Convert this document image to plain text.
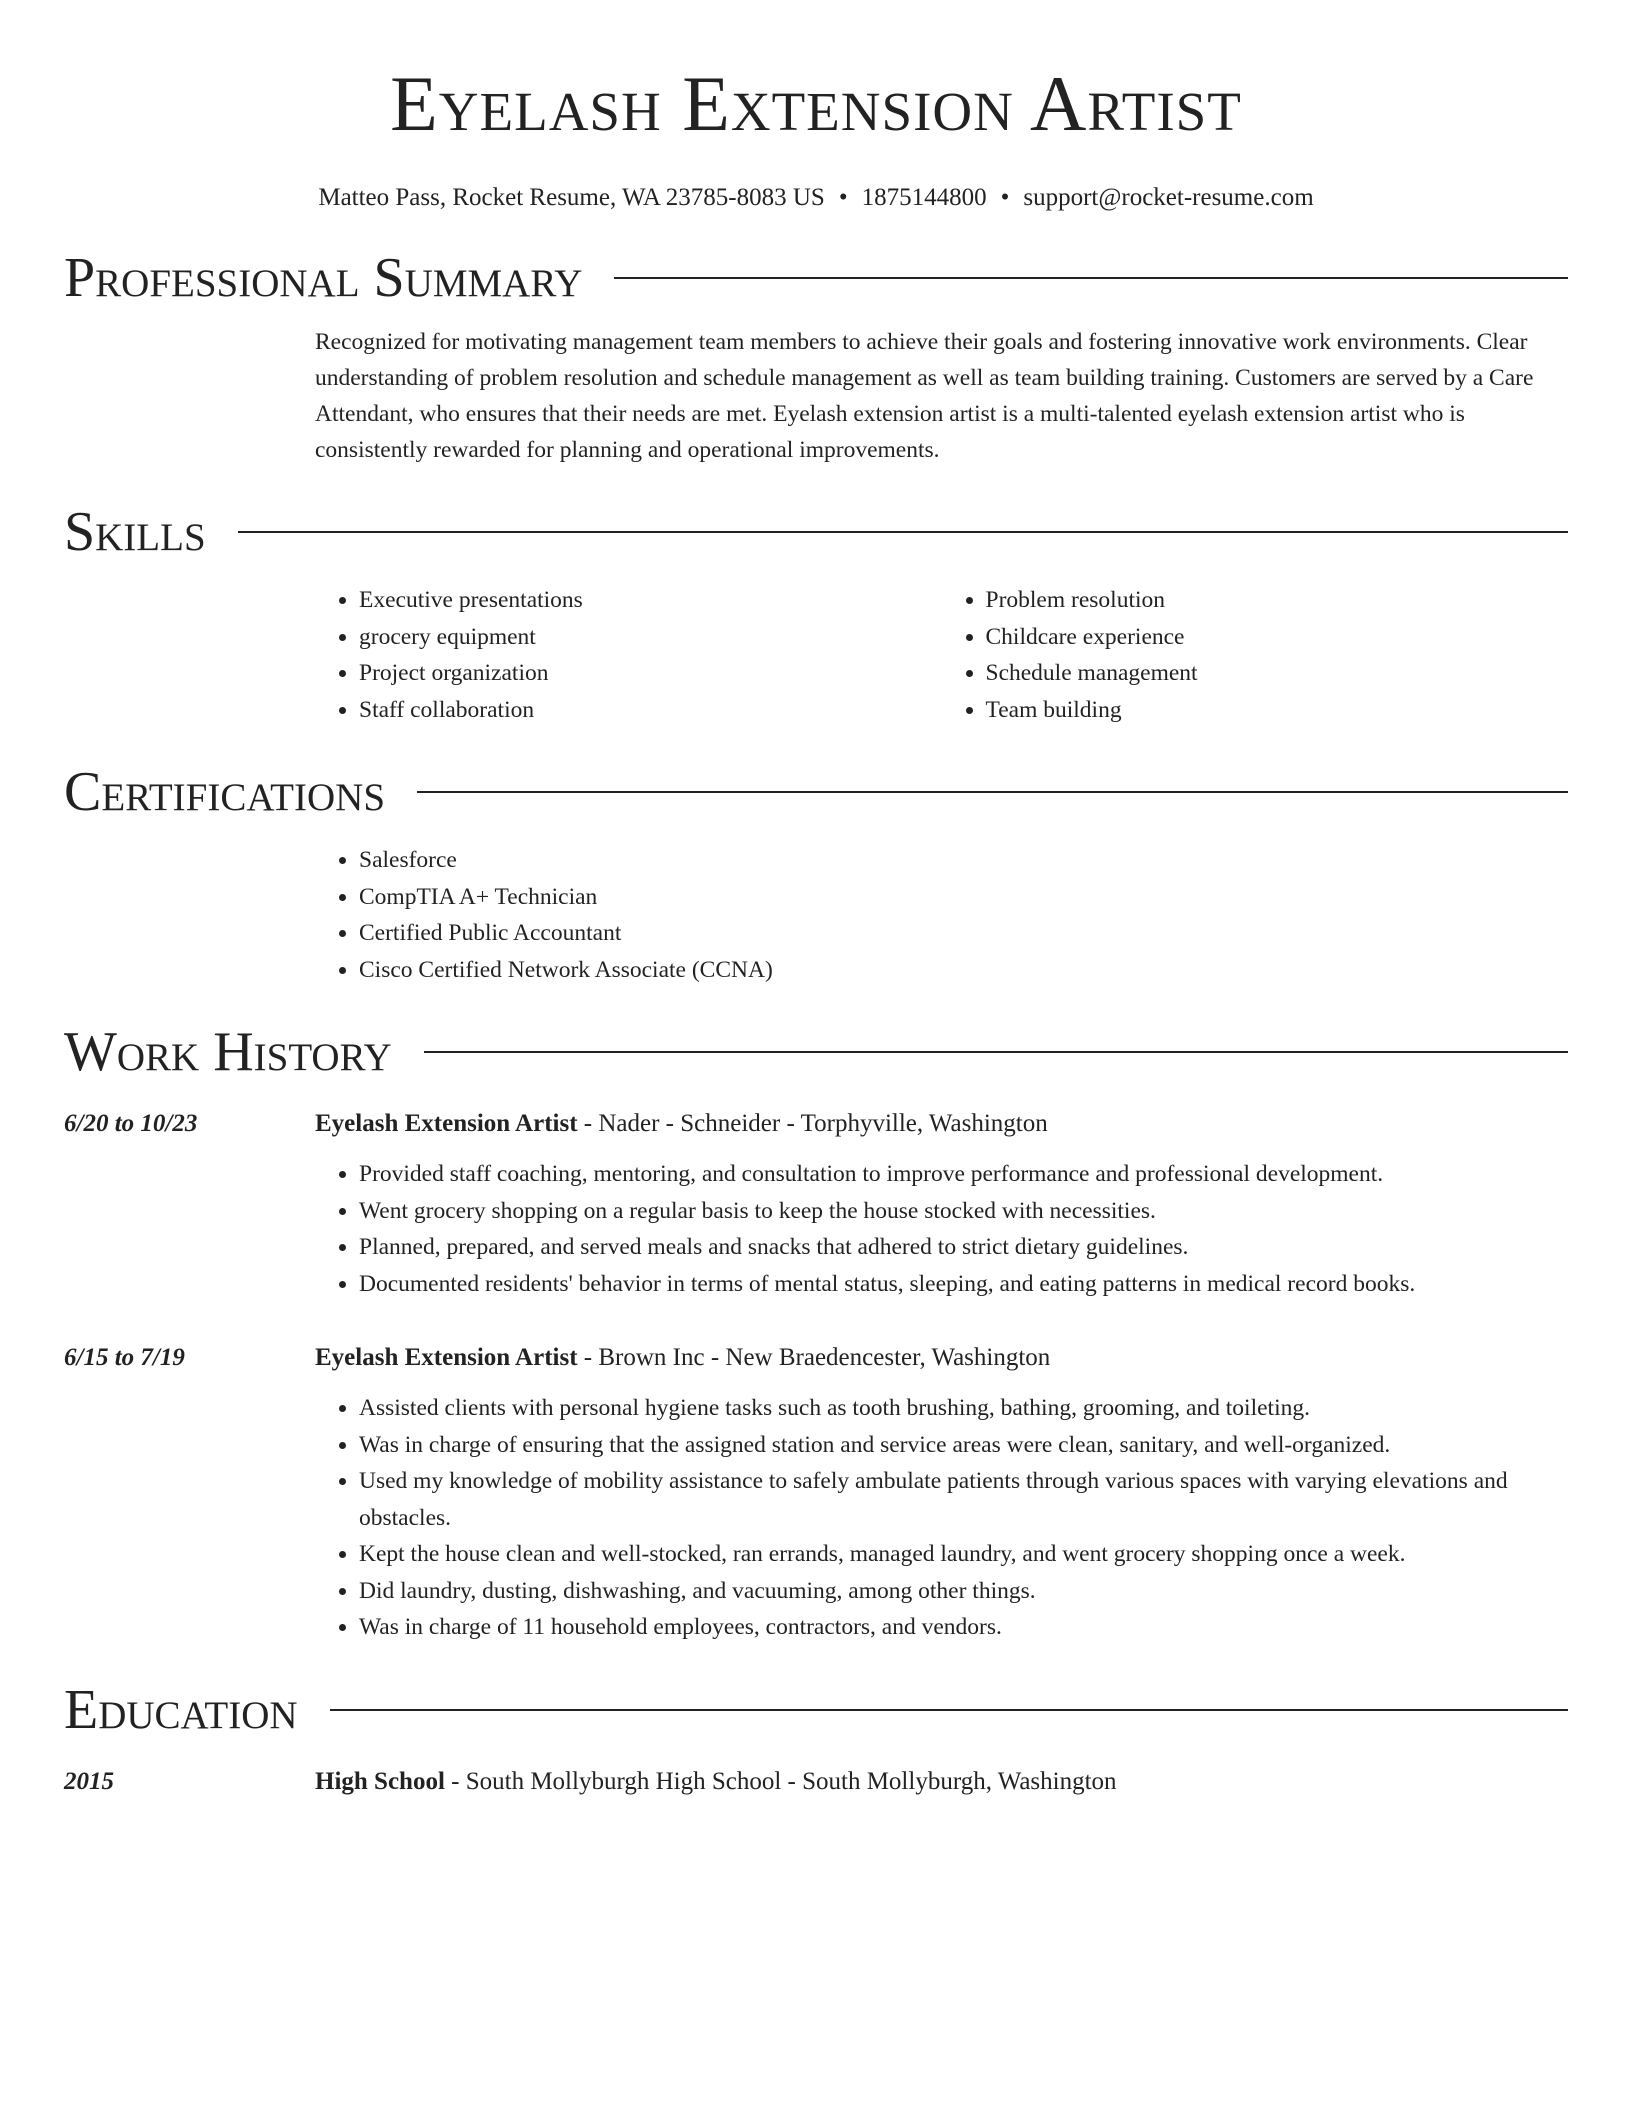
Eyelash Extension Artist
Matteo Pass, Rocket Resume, WA 23785-8083 US • 1875144800 • support@rocket-resume.com
Professional Summary
Recognized for motivating management team members to achieve their goals and fostering innovative work environments. Clear understanding of problem resolution and schedule management as well as team building training. Customers are served by a Care Attendant, who ensures that their needs are met. Eyelash extension artist is a multi-talented eyelash extension artist who is consistently rewarded for planning and operational improvements.
Skills
• Executive presentations
• grocery equipment
• Project organization
• Staff collaboration
• Problem resolution
• Childcare experience
• Schedule management
• Team building
Certifications
• Salesforce
• CompTIA A+ Technician
• Certified Public Accountant
• Cisco Certified Network Associate (CCNA)
Work History
6/20 to 10/23	Eyelash Extension Artist - Nader - Schneider - Torphyville, Washington
• Provided staff coaching, mentoring, and consultation to improve performance and professional development.
• Went grocery shopping on a regular basis to keep the house stocked with necessities.
• Planned, prepared, and served meals and snacks that adhered to strict dietary guidelines.
• Documented residents' behavior in terms of mental status, sleeping, and eating patterns in medical record books.
6/15 to 7/19	Eyelash Extension Artist - Brown Inc - New Braedencester, Washington
• Assisted clients with personal hygiene tasks such as tooth brushing, bathing, grooming, and toileting.
• Was in charge of ensuring that the assigned station and service areas were clean, sanitary, and well-organized.
• Used my knowledge of mobility assistance to safely ambulate patients through various spaces with varying elevations and obstacles.
• Kept the house clean and well-stocked, ran errands, managed laundry, and went grocery shopping once a week.
• Did laundry, dusting, dishwashing, and vacuuming, among other things.
• Was in charge of 11 household employees, contractors, and vendors.
Education
2015	High School - South Mollyburgh High School - South Mollyburgh, Washington
